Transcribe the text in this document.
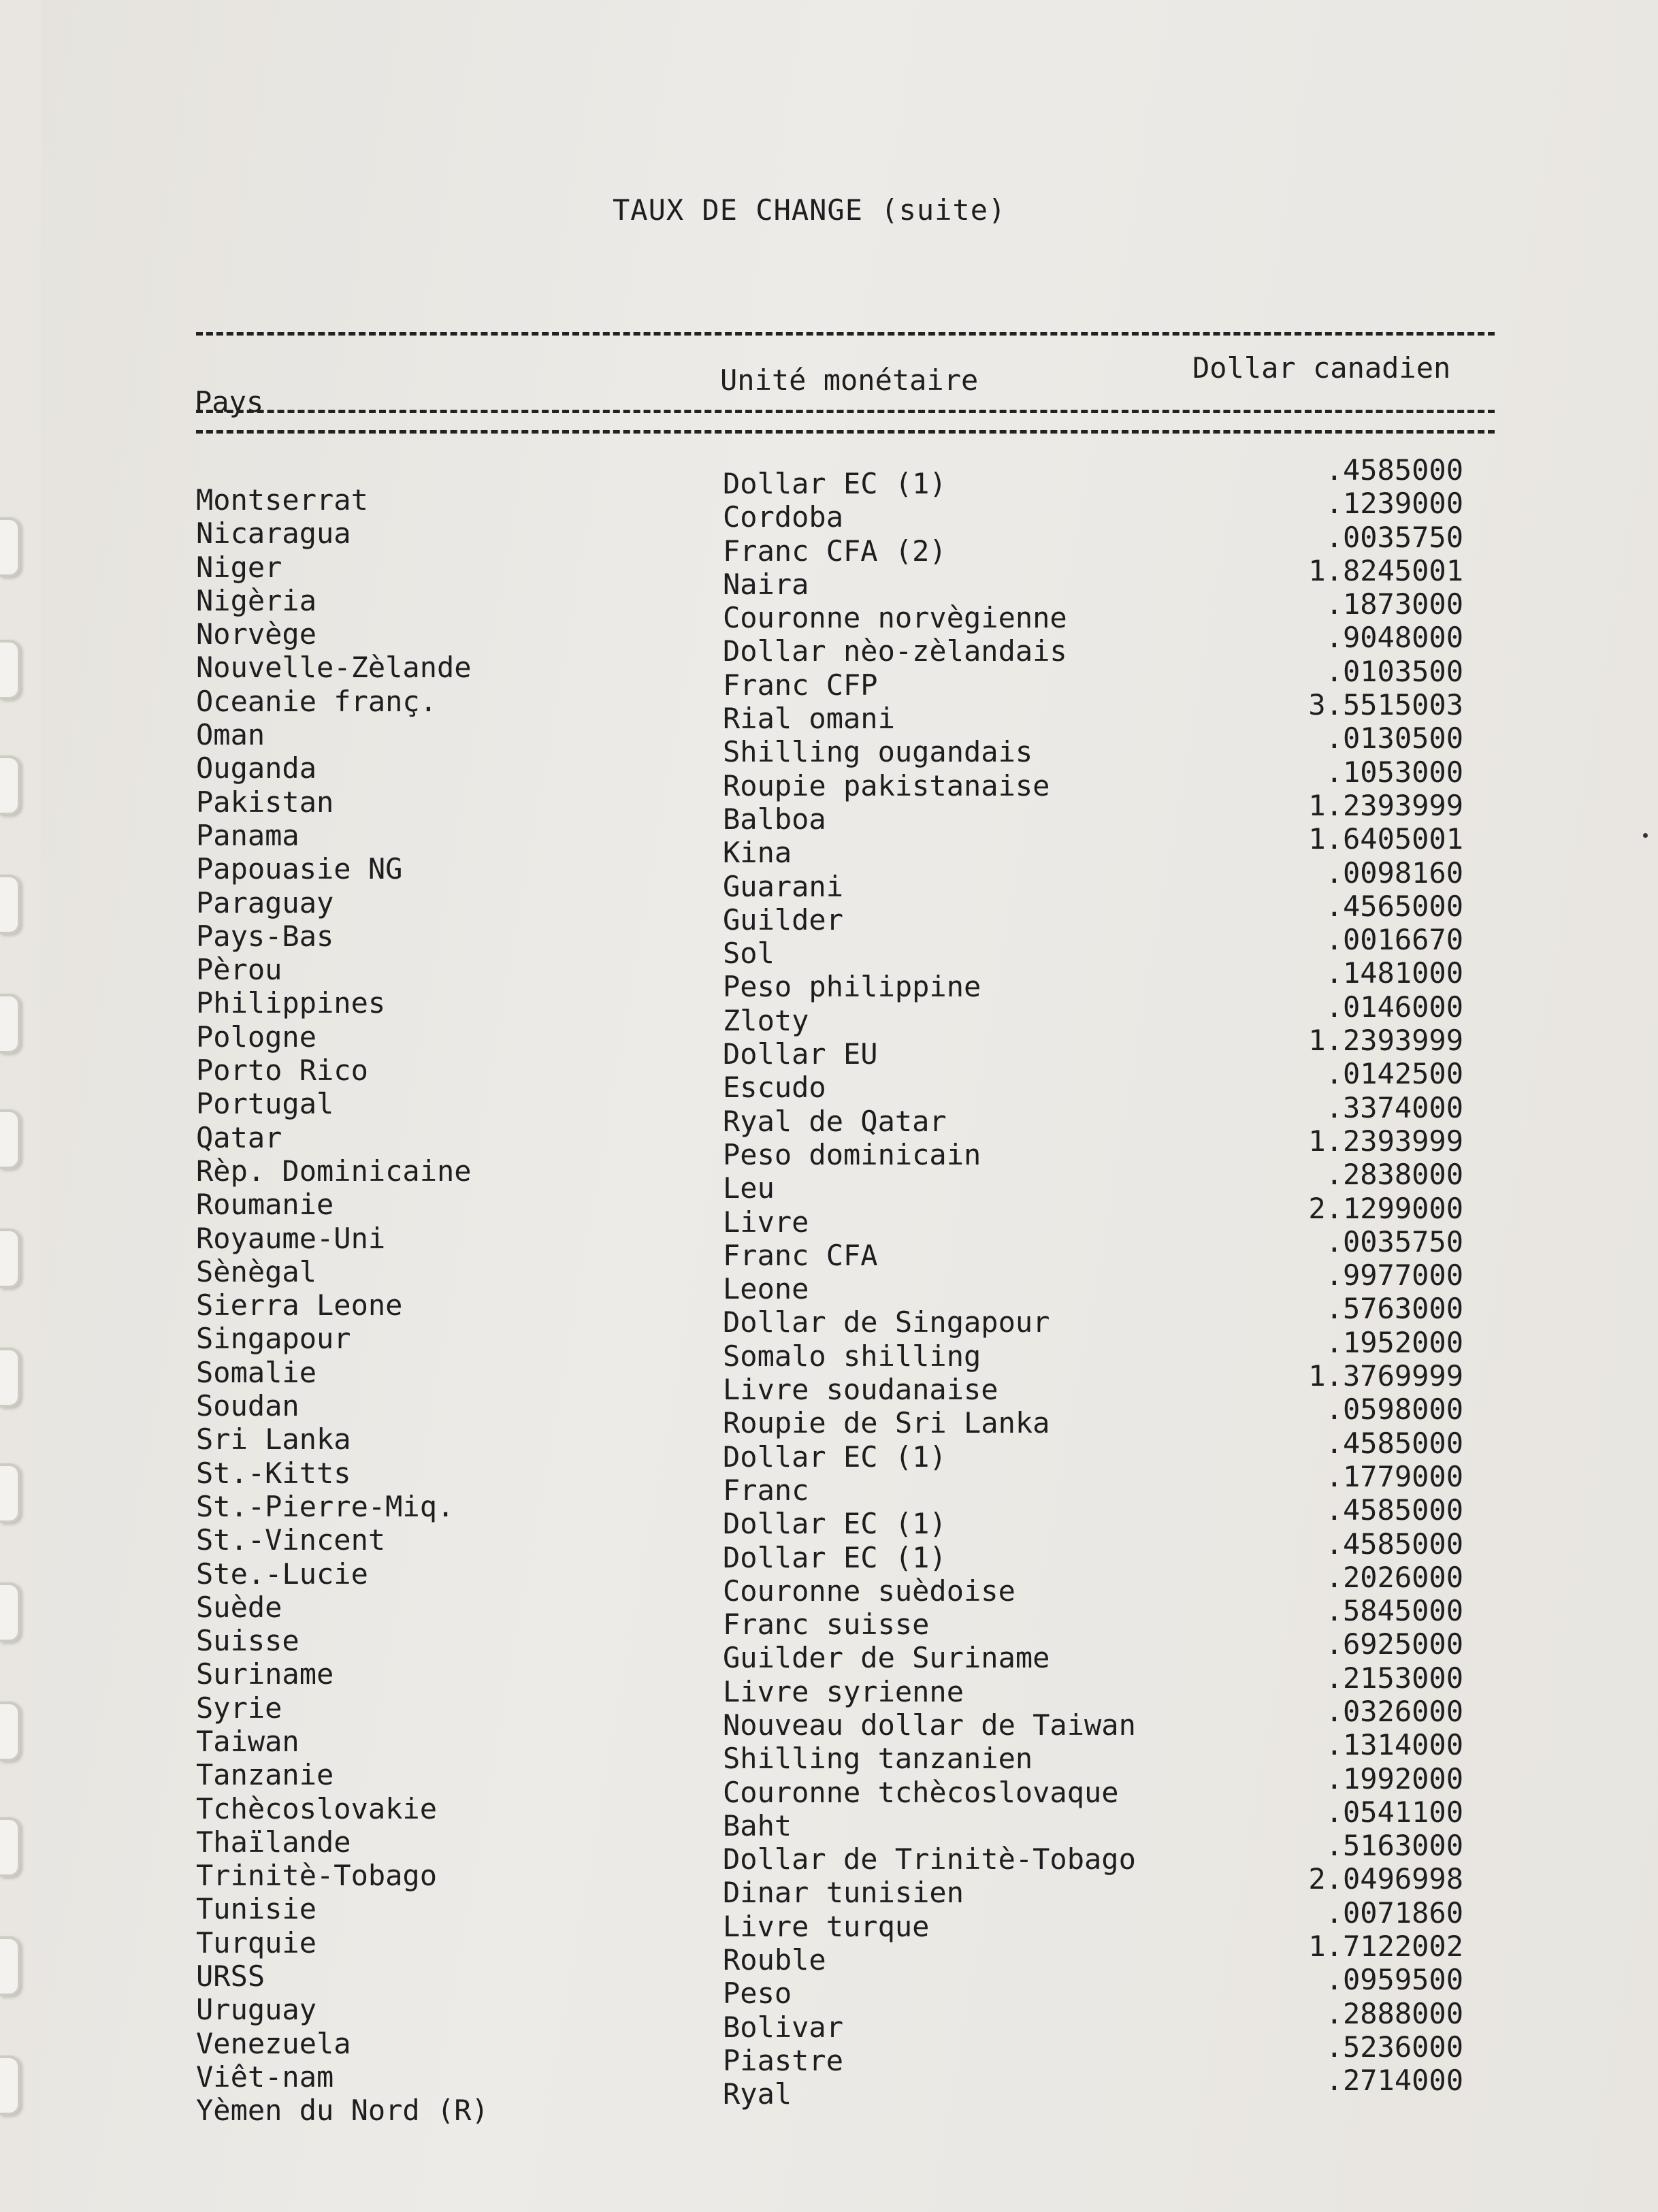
TAUX DE CHANGE (suite)
Pays
Unité monétaire	Dollar canadien
Montserrat
Nicaragua
Niger
Nigèria
Norvège
Nouvelle-Zèlande
Oceanie franç.
Oman
Ouganda
Pakistan
Panama
Papouasie NG
Paraguay
Pays-Bas
Pèrou
Philippines
Pologne
Porto Rico
Portugal
Qatar
Rèp. Dominicaine
Roumanie
Royaume-Uni
Sènègal
Sierra Leone
Singapour
Somalie
Soudan
Sri Lanka
St.-Kitts
St.-Pierre-Miq.
St.-Vincent
Ste.-Lucie
Suède
Suisse
Suriname
Syrie
Taiwan
Tanzanie
Tchècoslovakie
Thaïlande
Trinitè-Tobago
Tunisie
Turquie
URSS
Uruguay
Venezuela
Viêt-nam
Yèmen du Nord (R)
Dollar EC (1)
Cordoba
Franc CFA (2)
Naira
Couronne norvègienne
Dollar nèo-zèlandais
Franc CFP
Rial omani
Shilling ougandais
Roupie pakistanaise
Balboa
Kina
Guarani
Guilder
Sol
Peso philippine
Zloty
Dollar EU
Escudo
Ryal de Qatar
Peso dominicain
Leu
Livre
Franc CFA
Leone
Dollar de Singapour
Somalo shilling
Livre soudanaise
Roupie de Sri Lanka
Dollar EC (1)
Franc
Dollar EC (1)
Dollar EC (1)
Couronne suèdoise
Franc suisse
Guilder de Suriname
Livre syrienne
Nouveau dollar de Taiwan
Shilling tanzanien
Couronne tchècoslovaque
Baht
Dollar de Trinitè-Tobago
Dinar tunisien
Livre turque
Rouble
Peso
Bolivar
Piastre
Ryal
.4585000
.1239000
.0035750
1.8245001
.1873000
.9048000
.0103500
3.5515003
.0130500
.1053000
1.2393999
1.6405001
.0098160
.4565000
.0016670
.1481000
.0146000
1.2393999
.0142500
.3374000
1.2393999
.2838000
2.1299000
.0035750
.9977000
.5763000
.1952000
1.3769999
.0598000
.4585000
.1779000
.4585000
.4585000
.2026000
.5845000
.6925000
.2153000
.0326000
.1314000
.1992000
.0541100
.5163000
2.0496998
.0071860
1.7122002
.0959500
.2888000
.5236000
.2714000
